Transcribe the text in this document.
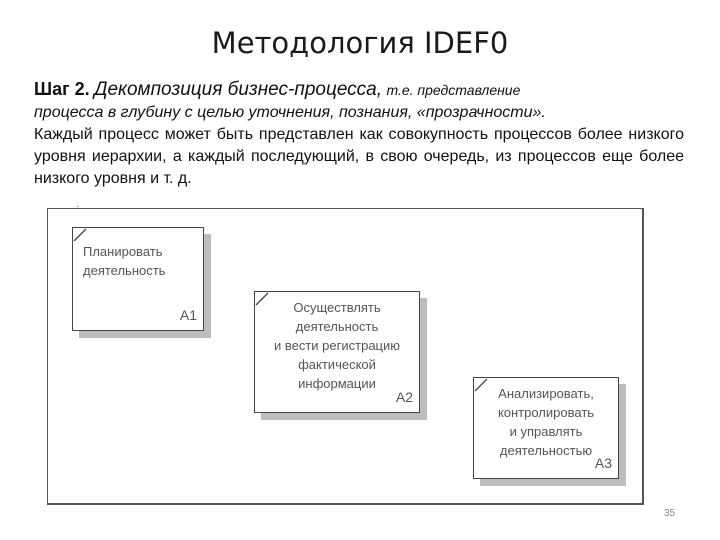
Методология IDEF0
Шаг 2. Декомпозиция бизнес-процесса, т.е. представление
процесса в глубину с целью уточнения, познания, «прозрачности».
Каждый процесс может быть представлен как совокупность процессов более низкого уровня иерархии, а каждый последующий, в свою очередь, из процессов еще более низкого уровня и т. д.
·
Планировать
деятельность
A1	Осуществлять
деятельность
и вести регистрацию
фактической
информации
A2	Анализировать,
контролировать
и управлять
деятельностью
A3
35
